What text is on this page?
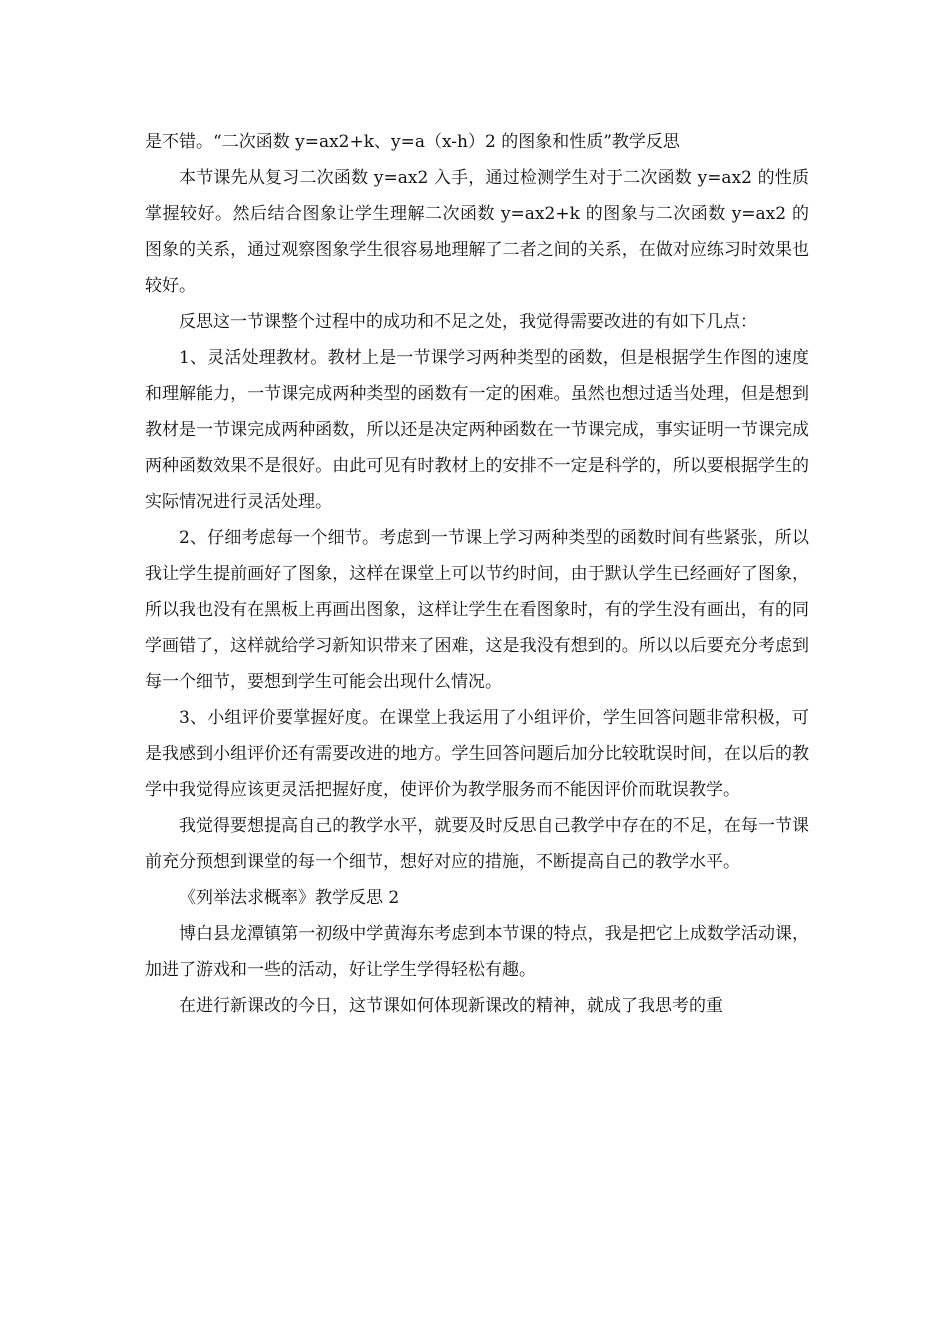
是不错。“二次函数 y=ax2+k、y=a（x-h）2 的图象和性质”教学反思

本节课先从复习二次函数 y=ax2 入手，通过检测学生对于二次函数 y=ax2 的性质掌握较好。然后结合图象让学生理解二次函数 y=ax2+k 的图象与二次函数 y=ax2 的图象的关系，通过观察图象学生很容易地理解了二者之间的关系，在做对应练习时效果也较好。

反思这一节课整个过程中的成功和不足之处，我觉得需要改进的有如下几点：

1、灵活处理教材。教材上是一节课学习两种类型的函数，但是根据学生作图的速度和理解能力，一节课完成两种类型的函数有一定的困难。虽然也想过适当处理，但是想到教材是一节课完成两种函数，所以还是决定两种函数在一节课完成，事实证明一节课完成两种函数效果不是很好。由此可见有时教材上的安排不一定是科学的，所以要根据学生的实际情况进行灵活处理。

2、仔细考虑每一个细节。考虑到一节课上学习两种类型的函数时间有些紧张，所以我让学生提前画好了图象，这样在课堂上可以节约时间，由于默认学生已经画好了图象，所以我也没有在黑板上再画出图象，这样让学生在看图象时，有的学生没有画出，有的同学画错了，这样就给学习新知识带来了困难，这是我没有想到的。所以以后要充分考虑到每一个细节，要想到学生可能会出现什么情况。

3、小组评价要掌握好度。在课堂上我运用了小组评价，学生回答问题非常积极，可是我感到小组评价还有需要改进的地方。学生回答问题后加分比较耽误时间，在以后的教学中我觉得应该更灵活把握好度，使评价为教学服务而不能因评价而耽误教学。

我觉得要想提高自己的教学水平，就要及时反思自己教学中存在的不足，在每一节课前充分预想到课堂的每一个细节，想好对应的措施，不断提高自己的教学水平。

《列举法求概率》教学反思 2

博白县龙潭镇第一初级中学黄海东考虑到本节课的特点，我是把它上成数学活动课，加进了游戏和一些的活动，好让学生学得轻松有趣。

在进行新课改的今日，这节课如何体现新课改的精神，就成了我思考的重
